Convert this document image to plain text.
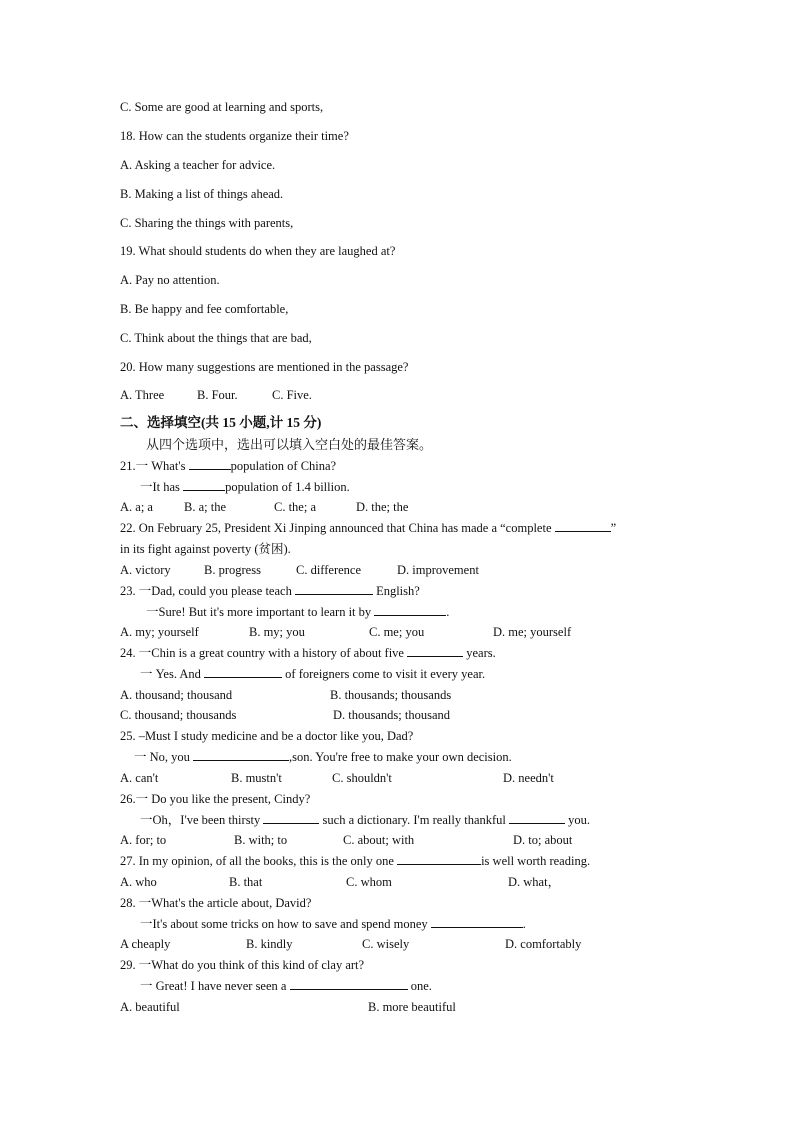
C. Some are good at learning and sports,
18. How can the students organize their time?
A. Asking a teacher for advice.
B. Making a list of things ahead.
C. Sharing the things with parents,
19. What should students do when they are laughed at?
A. Pay no attention.
B. Be happy and fee comfortable,
C. Think about the things that are bad,
20. How many suggestions are mentioned in the passage?
A. Three	B. Four.	C. Five.
二、选择填空(共 15 小题,计 15 分)
从四个选项中，选出可以填入空白处的最佳答案。
21.一 What's	population of China?
一It has	population of 1.4 billion.
A. a; a B. a; the	C. the; a	D. the; the
22. On February 25, President Xi Jinping announced that China has made a “complete	”
in its fight against poverty (贫困).
A. victory	B. progress	C. difference	D. improvement
23. 一Dad, could you please teach	English?
一Sure! But it's more important to learn it by	.
A. my; yourself	B. my; you	C. me; you	D. me; yourself
24. 一Chin is a great country with a history of about five	years.
一 Yes. And	of foreigners come to visit it every year.
A. thousand; thousand	B. thousands; thousands
C. thousand; thousands	D. thousands; thousand
25. –Must I study medicine and be a doctor like you, Dad?
一 No, you	,son. You're free to make your own decision.
A. can't	B. mustn't	C. shouldn't	D. needn't
26.一 Do you like the present, Cindy?
一Oh，I've been thirsty	such a dictionary. I'm really thankful	you.
A. for; to	B. with; to	C. about; with	D. to; about
27. In my opinion, of all the books, this is the only one	is well worth reading.
A. who	B. that	C. whom	D. what，
28. 一What's the article about, David?
一It's about some tricks on how to save and spend money	.
A cheaply	B. kindly	C. wisely	D. comfortably
29. 一What do you think of this kind of clay art?
一 Great! I have never seen a	one.
A. beautiful	B. more beautiful
